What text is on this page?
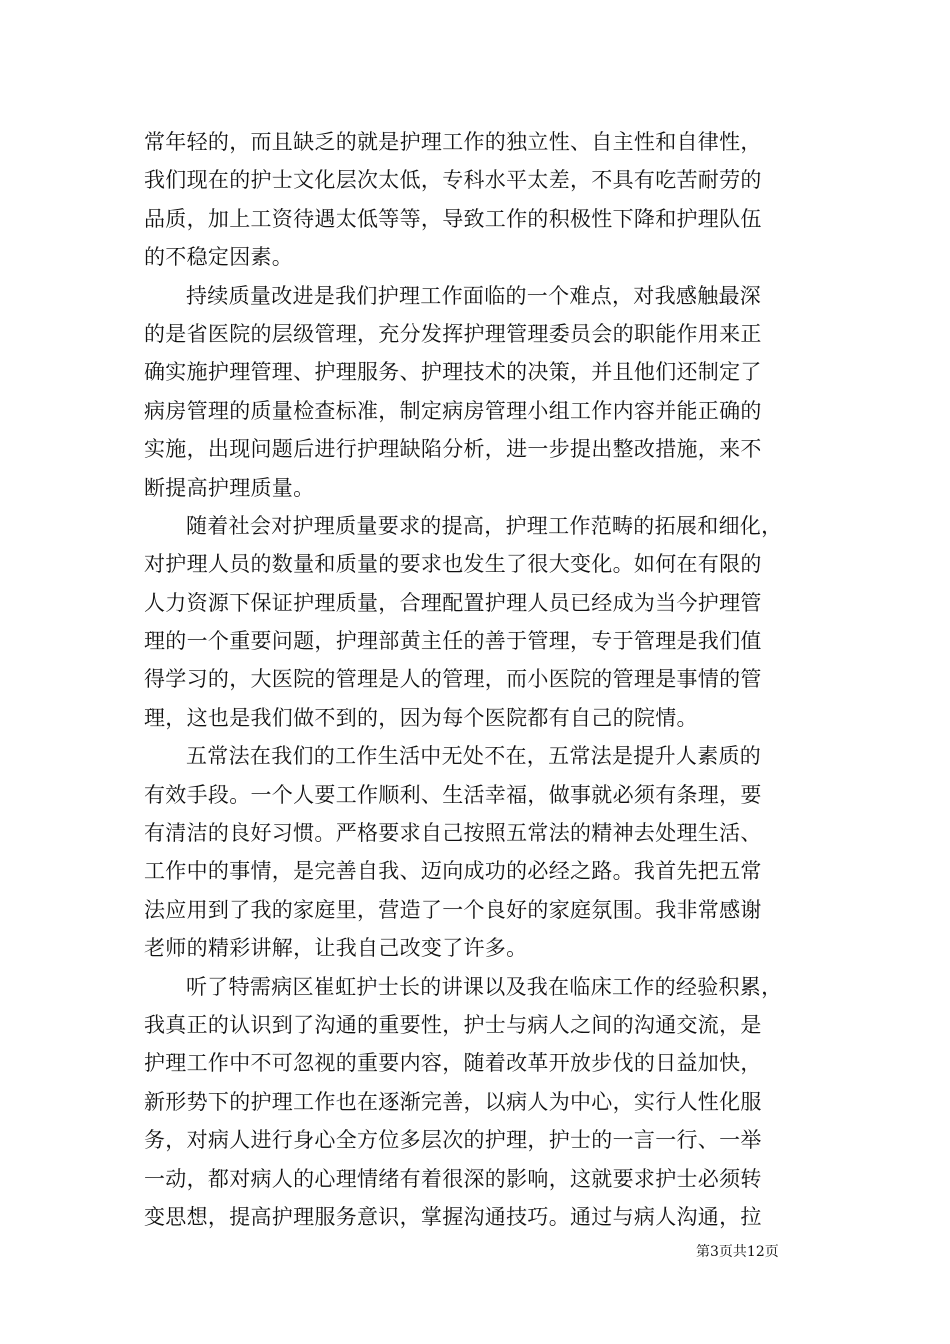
常年轻的，而且缺乏的就是护理工作的独立性、自主性和自律性，
我们现在的护士文化层次太低，专科水平太差，不具有吃苦耐劳的
品质，加上工资待遇太低等等，导致工作的积极性下降和护理队伍
的不稳定因素。
持续质量改进是我们护理工作面临的一个难点，对我感触最深
的是省医院的层级管理，充分发挥护理管理委员会的职能作用来正
确实施护理管理、护理服务、护理技术的决策，并且他们还制定了
病房管理的质量检查标准，制定病房管理小组工作内容并能正确的
实施，出现问题后进行护理缺陷分析，进一步提出整改措施，来不
断提高护理质量。
随着社会对护理质量要求的提高，护理工作范畴的拓展和细化，
对护理人员的数量和质量的要求也发生了很大变化。如何在有限的
人力资源下保证护理质量，合理配置护理人员已经成为当今护理管
理的一个重要问题，护理部黄主任的善于管理，专于管理是我们值
得学习的，大医院的管理是人的管理，而小医院的管理是事情的管
理，这也是我们做不到的，因为每个医院都有自己的院情。
五常法在我们的工作生活中无处不在，五常法是提升人素质的
有效手段。一个人要工作顺利、生活幸福，做事就必须有条理，要
有清洁的良好习惯。严格要求自己按照五常法的精神去处理生活、
工作中的事情，是完善自我、迈向成功的必经之路。我首先把五常
法应用到了我的家庭里，营造了一个良好的家庭氛围。我非常感谢
老师的精彩讲解，让我自己改变了许多。
听了特需病区崔虹护士长的讲课以及我在临床工作的经验积累，
我真正的认识到了沟通的重要性，护士与病人之间的沟通交流，是
护理工作中不可忽视的重要内容，随着改革开放步伐的日益加快，
新形势下的护理工作也在逐渐完善，以病人为中心，实行人性化服
务，对病人进行身心全方位多层次的护理，护士的一言一行、一举
一动，都对病人的心理情绪有着很深的影响，这就要求护士必须转
变思想，提高护理服务意识，掌握沟通技巧。通过与病人沟通，拉
第3页共12页
